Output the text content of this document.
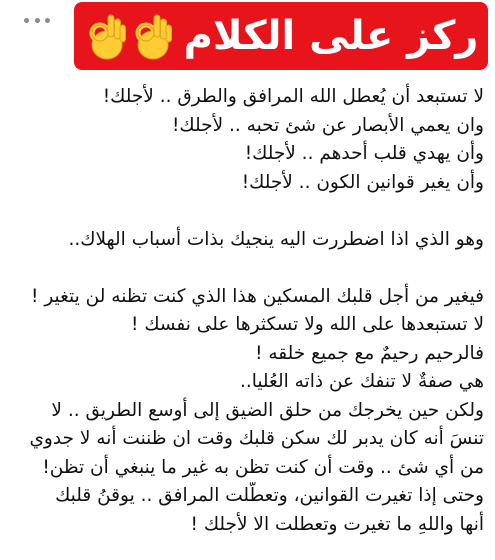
ركز على الكلام
لا تستبعد أن يُعطل الله المرافق والطرق .. لأجلك!
وان يعمي الأبصار عن شئ تحبه .. لأجلك!
وأن يهدي قلب أحدهم .. لأجلك!
وأن يغير قوانين الكون .. لأجلك!
وهو الذي اذا اضطررت اليه ينجيك بذات أسباب الهلاك..
فيغير من أجل قلبك المسكين هذا الذي كنت تظنه لن يتغير !
لا تستبعدها على الله ولا تسكثرها على نفسك !
فالرحيم رحيمٌ مع جميع خلقه !
هي صفةٌ لا تنفك عن ذاته العُليا..
ولكن حين يخرجك من حلق الضيق إلى أوسع الطريق .. لا
تنسَ أنه كان يدبر لك سكن قلبك وقت ان ظننت أنه لا جدوي
من أي شئ .. وقت أن كنت تظن به غير ما ينبغي أن تظن!
وحتى إذا تغيرت القوانين، وتعطّلت المرافق .. يوقنُ قلبك
أنها واللهِ ما تغيرت وتعطلت الا لأجلك !
